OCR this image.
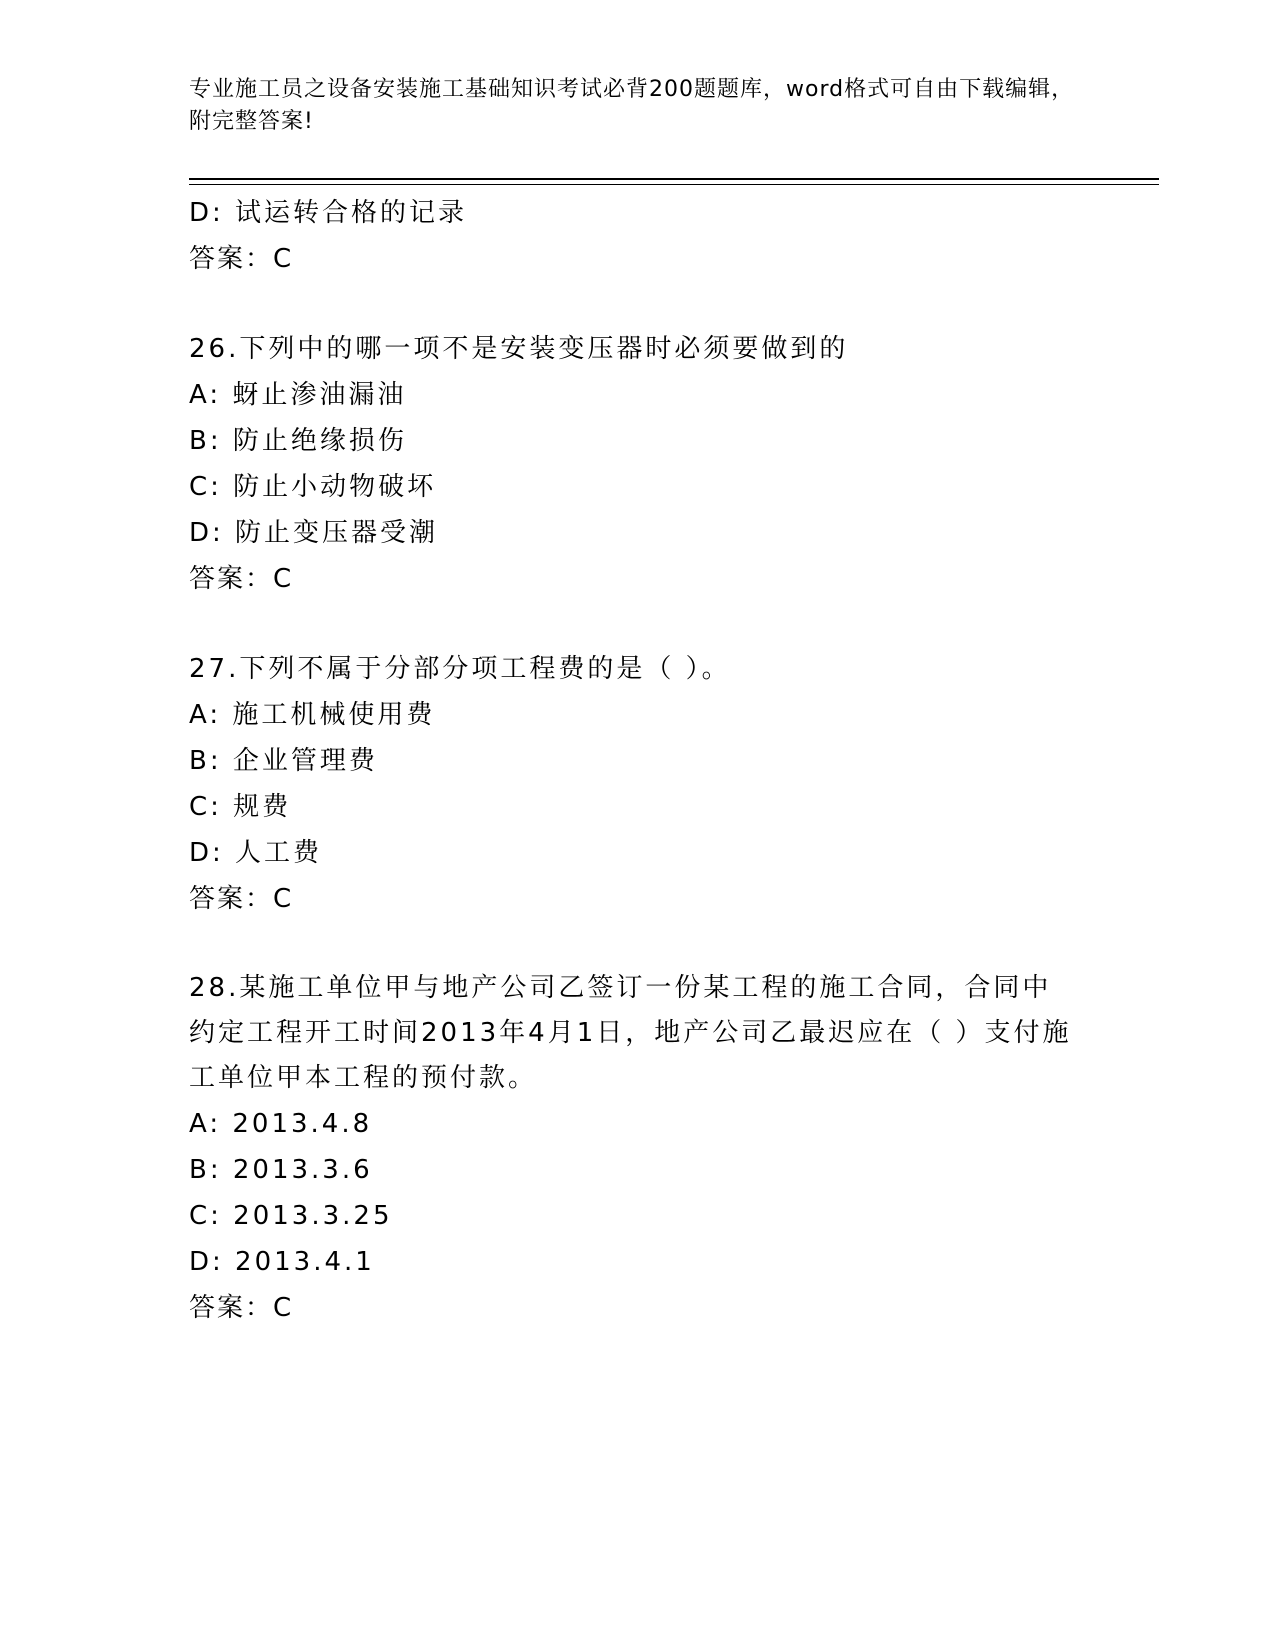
专业施工员之设备安装施工基础知识考试必背200题题库，word格式可自由下载编辑，附完整答案!

D: 试运转合格的记录
答案：C
26.下列中的哪一项不是安装变压器时必须要做到的
A: 蚜止渗油漏油
B: 防止绝缘损伤
C: 防止小动物破坏
D: 防止变压器受潮
答案：C
27.下列不属于分部分项工程费的是（ ）。
A: 施工机械使用费
B: 企业管理费
C: 规费
D: 人工费
答案：C
28.某施工单位甲与地产公司乙签订一份某工程的施工合同，合同中约定工程开工时间2013年4月1日，地产公司乙最迟应在（ ）支付施工单位甲本工程的预付款。
A: 2013.4.8
B: 2013.3.6
C: 2013.3.25
D: 2013.4.1
答案：C
